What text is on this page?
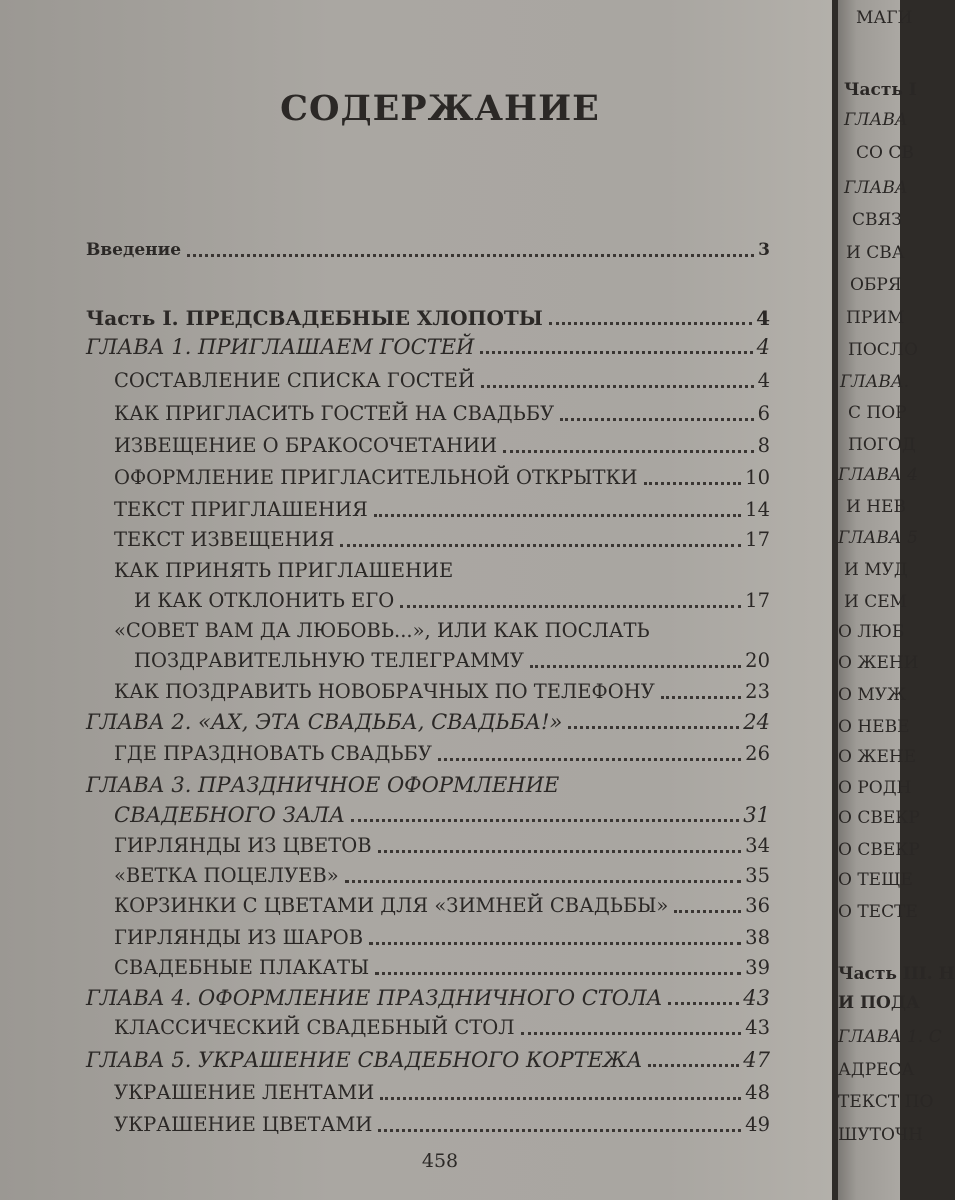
СОДЕРЖАНИЕ
Введение	3
Часть I. ПРЕДСВАДЕБНЫЕ ХЛОПОТЫ	4
ГЛАВА 1. ПРИГЛАШАЕМ ГОСТЕЙ	4
СОСТАВЛЕНИЕ СПИСКА ГОСТЕЙ	4
КАК ПРИГЛАСИТЬ ГОСТЕЙ НА СВАДЬБУ	6
ИЗВЕЩЕНИЕ О БРАКОСОЧЕТАНИИ	8
ОФОРМЛЕНИЕ ПРИГЛАСИТЕЛЬНОЙ ОТКРЫТКИ	10
ТЕКСТ ПРИГЛАШЕНИЯ	14
ТЕКСТ ИЗВЕЩЕНИЯ	17
КАК ПРИНЯТЬ ПРИГЛАШЕНИЕ
И КАК ОТКЛОНИТЬ ЕГО	17
«СОВЕТ ВАМ ДА ЛЮБОВЬ...», ИЛИ КАК ПОСЛАТЬ
ПОЗДРАВИТЕЛЬНУЮ ТЕЛЕГРАММУ	20
КАК ПОЗДРАВИТЬ НОВОБРАЧНЫХ ПО ТЕЛЕФОНУ	23
ГЛАВА 2. «АХ, ЭТА СВАДЬБА, СВАДЬБА!»	24
ГДЕ ПРАЗДНОВАТЬ СВАДЬБУ	26
ГЛАВА 3. ПРАЗДНИЧНОЕ ОФОРМЛЕНИЕ
СВАДЕБНОГО ЗАЛА	31
ГИРЛЯНДЫ ИЗ ЦВЕТОВ	34
«ВЕТКА ПОЦЕЛУЕВ»	35
КОРЗИНКИ С ЦВЕТАМИ ДЛЯ «ЗИМНЕЙ СВАДЬБЫ»	36
ГИРЛЯНДЫ ИЗ ШАРОВ	38
СВАДЕБНЫЕ ПЛАКАТЫ	39
ГЛАВА 4. ОФОРМЛЕНИЕ ПРАЗДНИЧНОГО СТОЛА	43
КЛАССИЧЕСКИЙ СВАДЕБНЫЙ СТОЛ	43
ГЛАВА 5. УКРАШЕНИЕ СВАДЕБНОГО КОРТЕЖА	47
УКРАШЕНИЕ ЛЕНТАМИ	48
УКРАШЕНИЕ ЦВЕТАМИ	49
458
МАГИ
Часть I
ГЛАВА
СО СВ
ГЛАВА
СВЯЗ
И СВА
ОБРЯ
ПРИМ
ПОСЛО
ГЛАВА.
С ПОР
ПОГОД
ГЛАВА 4
И НЕВ
ГЛАВА 5
И МУД
И СЕМ
О ЛЮБ
О ЖЕНИ
О МУЖ
О НЕВЕ
О ЖЕНЕ
О РОДН
О СВЕКР
О СВЕКР
О ТЕЩЕ
О ТЕСТЕ
Часть III. Н
И ПОДА
ГЛАВА 1. С
АДРЕСА
ТЕКСТ ПО
ШУТОЧН
